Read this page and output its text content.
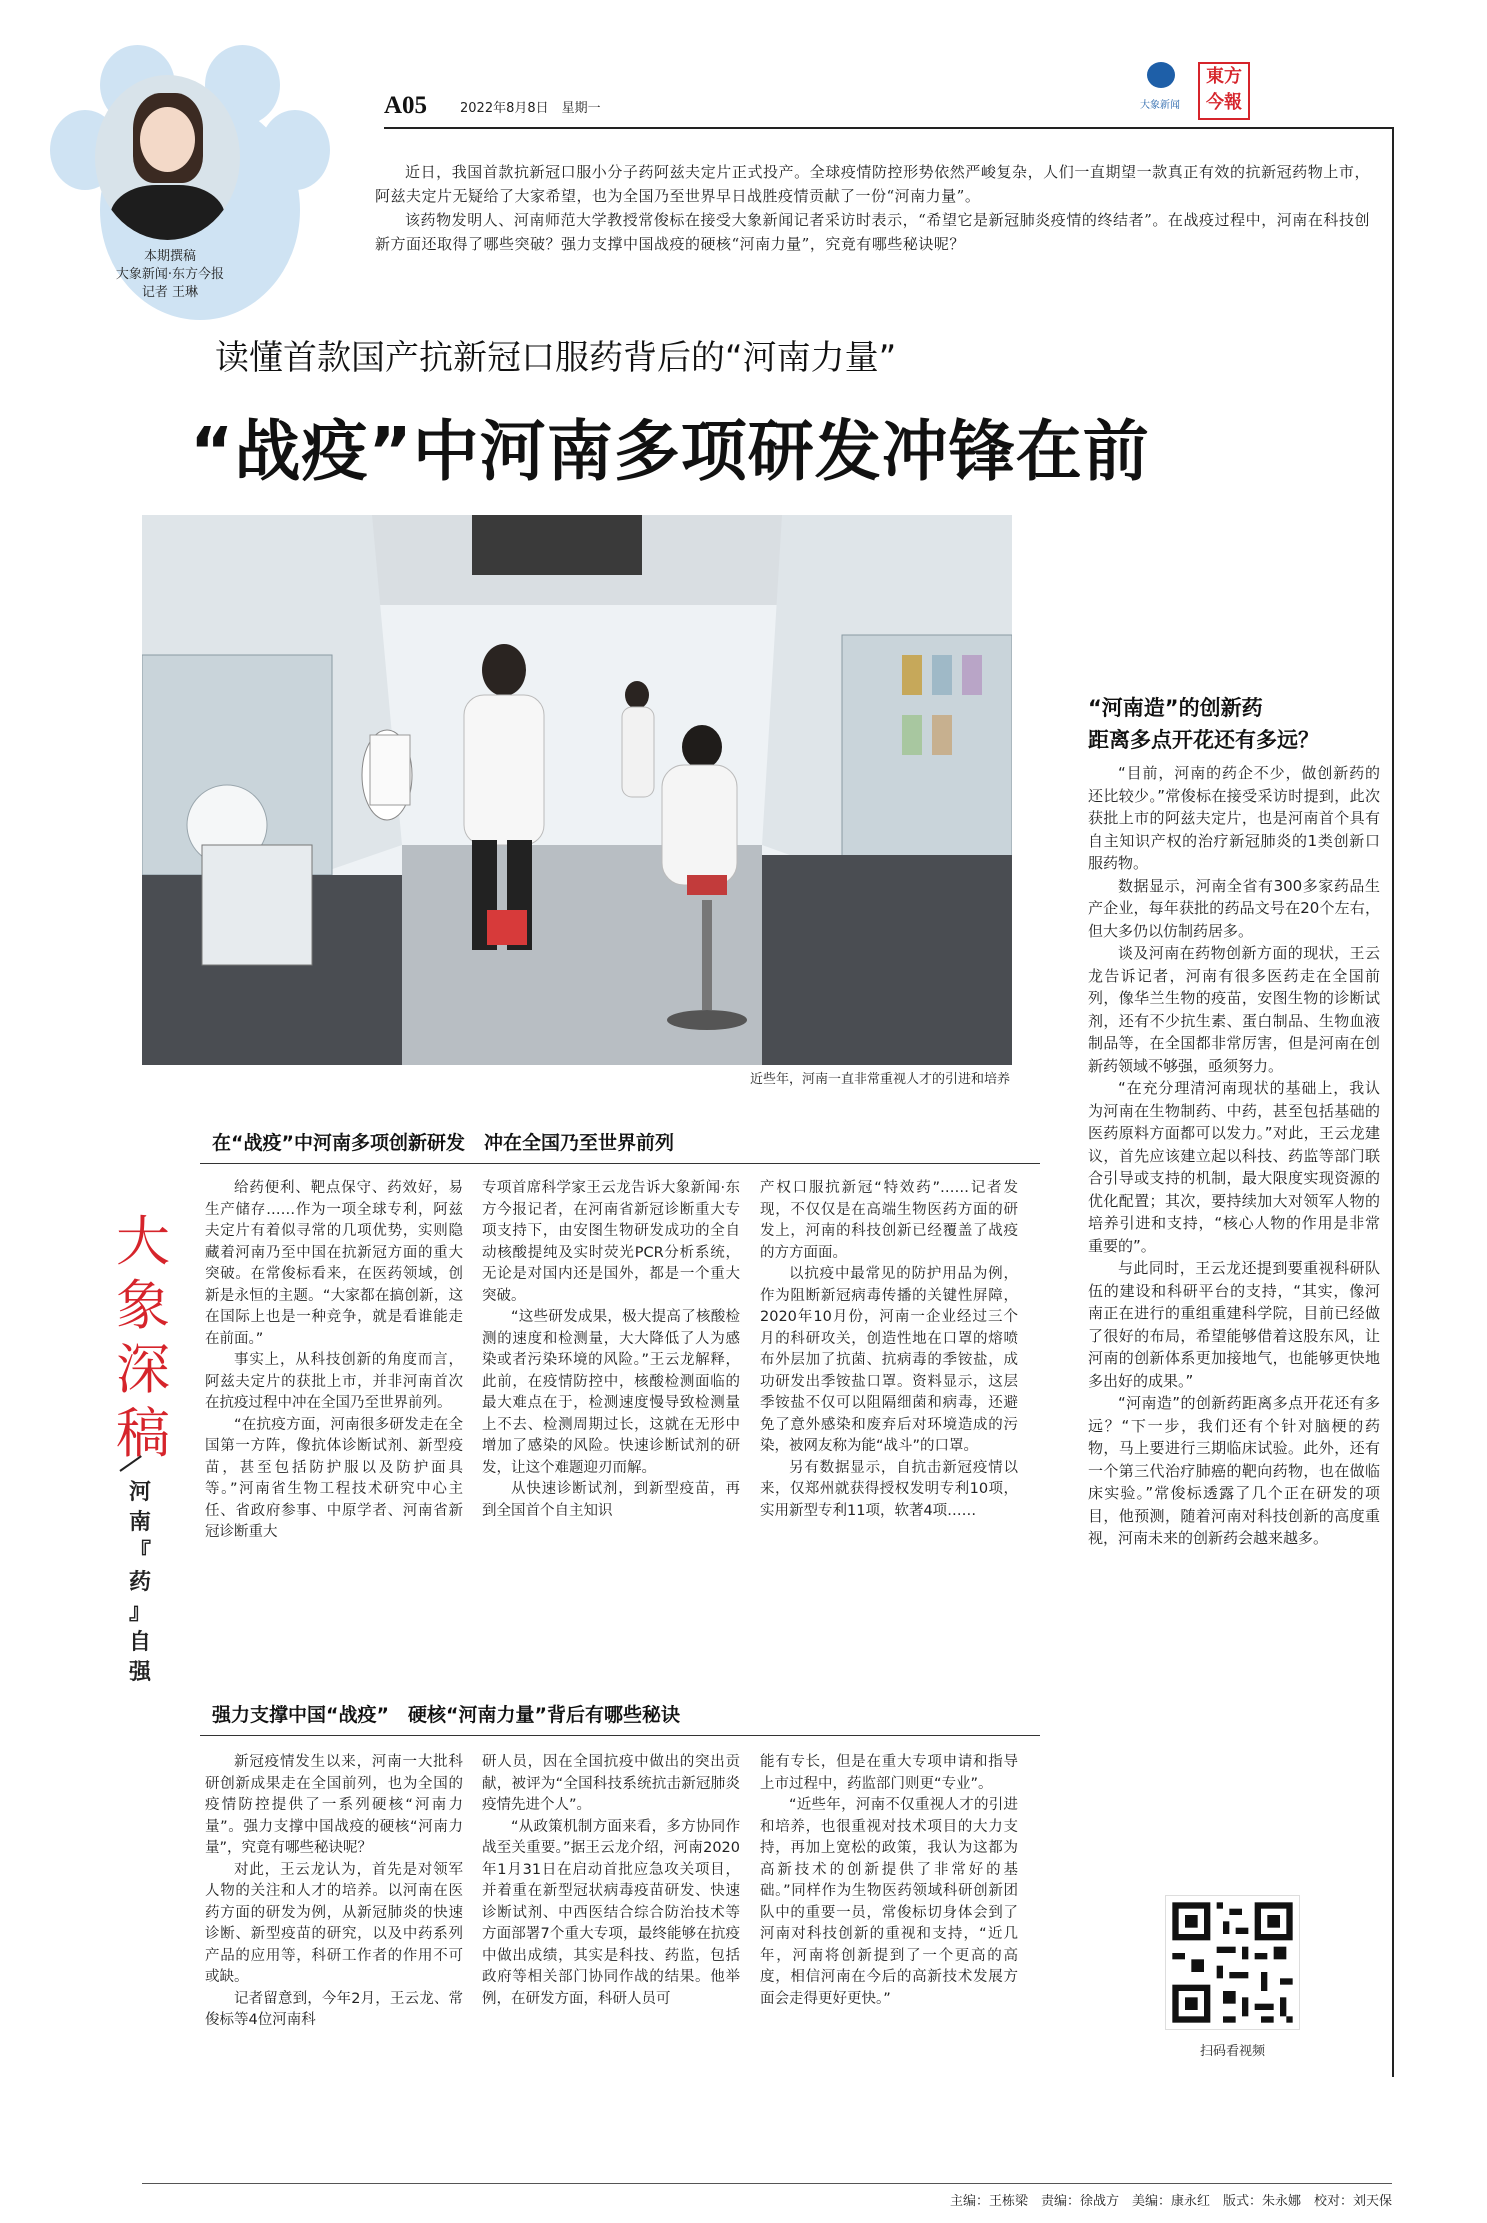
本期撰稿
大象新闻·东方今报
记者 王琳
A05	2022年8月8日　星期一	大象新闻
東方
今報

近日，我国首款抗新冠口服小分子药阿兹夫定片正式投产。全球疫情防控形势依然严峻复杂，人们一直期望一款真正有效的抗新冠药物上市，阿兹夫定片无疑给了大家希望，也为全国乃至世界早日战胜疫情贡献了一份“河南力量”。

该药物发明人、河南师范大学教授常俊标在接受大象新闻记者采访时表示，“希望它是新冠肺炎疫情的终结者”。在战疫过程中，河南在科技创新方面还取得了哪些突破？强力支撑中国战疫的硬核“河南力量”，究竟有哪些秘诀呢？

读懂首款国产抗新冠口服药背后的“河南力量”
“战疫”中河南多项研发冲锋在前
近些年，河南一直非常重视人才的引进和培养
大
象
深
稿
河
南
『
药
』
自
强
在“战疫”中河南多项创新研发　冲在全国乃至世界前列

给药便利、靶点保守、药效好，易生产储存……作为一项全球专利，阿兹夫定片有着似寻常的几项优势，实则隐藏着河南乃至中国在抗新冠方面的重大突破。在常俊标看来，在医药领域，创新是永恒的主题。“大家都在搞创新，这在国际上也是一种竞争，就是看谁能走在前面。”

事实上，从科技创新的角度而言，阿兹夫定片的获批上市，并非河南首次在抗疫过程中冲在全国乃至世界前列。

“在抗疫方面，河南很多研发走在全国第一方阵，像抗体诊断试剂、新型疫苗，甚至包括防护服以及防护面具等。”河南省生物工程技术研究中心主任、省政府参事、中原学者、河南省新冠诊断重大

专项首席科学家王云龙告诉大象新闻·东方今报记者，在河南省新冠诊断重大专项支持下，由安图生物研发成功的全自动核酸提纯及实时荧光PCR分析系统，无论是对国内还是国外，都是一个重大突破。

“这些研发成果，极大提高了核酸检测的速度和检测量，大大降低了人为感染或者污染环境的风险。”王云龙解释，此前，在疫情防控中，核酸检测面临的最大难点在于，检测速度慢导致检测量上不去、检测周期过长，这就在无形中增加了感染的风险。快速诊断试剂的研发，让这个难题迎刃而解。

从快速诊断试剂，到新型疫苗，再到全国首个自主知识

产权口服抗新冠“特效药”……记者发现，不仅仅是在高端生物医药方面的研发上，河南的科技创新已经覆盖了战疫的方方面面。

以抗疫中最常见的防护用品为例，作为阻断新冠病毒传播的关键性屏障，2020年10月份，河南一企业经过三个月的科研攻关，创造性地在口罩的熔喷布外层加了抗菌、抗病毒的季铵盐，成功研发出季铵盐口罩。资料显示，这层季铵盐不仅可以阻隔细菌和病毒，还避免了意外感染和废弃后对环境造成的污染，被网友称为能“战斗”的口罩。

另有数据显示，自抗击新冠疫情以来，仅郑州就获得授权发明专利10项，实用新型专利11项，软著4项……

强力支撑中国“战疫”　硬核“河南力量”背后有哪些秘诀

新冠疫情发生以来，河南一大批科研创新成果走在全国前列，也为全国的疫情防控提供了一系列硬核“河南力量”。强力支撑中国战疫的硬核“河南力量”，究竟有哪些秘诀呢？

对此，王云龙认为，首先是对领军人物的关注和人才的培养。以河南在医药方面的研发为例，从新冠肺炎的快速诊断、新型疫苗的研究，以及中药系列产品的应用等，科研工作者的作用不可或缺。

记者留意到，今年2月，王云龙、常俊标等4位河南科

研人员，因在全国抗疫中做出的突出贡献，被评为“全国科技系统抗击新冠肺炎疫情先进个人”。

“从政策机制方面来看，多方协同作战至关重要。”据王云龙介绍，河南2020年1月31日在启动首批应急攻关项目，并着重在新型冠状病毒疫苗研发、快速诊断试剂、中西医结合综合防治技术等方面部署7个重大专项，最终能够在抗疫中做出成绩，其实是科技、药监，包括政府等相关部门协同作战的结果。他举例，在研发方面，科研人员可

能有专长，但是在重大专项申请和指导上市过程中，药监部门则更“专业”。

“近些年，河南不仅重视人才的引进和培养，也很重视对技术项目的大力支持，再加上宽松的政策，我认为这都为高新技术的创新提供了非常好的基础。”同样作为生物医药领域科研创新团队中的重要一员，常俊标切身体会到了河南对科技创新的重视和支持，“近几年，河南将创新提到了一个更高的高度，相信河南在今后的高新技术发展方面会走得更好更快。”

“河南造”的创新药
距离多点开花还有多远？

“目前，河南的药企不少，做创新药的还比较少。”常俊标在接受采访时提到，此次获批上市的阿兹夫定片，也是河南首个具有自主知识产权的治疗新冠肺炎的1类创新口服药物。

数据显示，河南全省有300多家药品生产企业，每年获批的药品文号在20个左右，但大多仍以仿制药居多。

谈及河南在药物创新方面的现状，王云龙告诉记者，河南有很多医药走在全国前列，像华兰生物的疫苗，安图生物的诊断试剂，还有不少抗生素、蛋白制品、生物血液制品等，在全国都非常厉害，但是河南在创新药领域不够强，亟须努力。

“在充分理清河南现状的基础上，我认为河南在生物制药、中药，甚至包括基础的医药原料方面都可以发力。”对此，王云龙建议，首先应该建立起以科技、药监等部门联合引导或支持的机制，最大限度实现资源的优化配置；其次，要持续加大对领军人物的培养引进和支持，“核心人物的作用是非常重要的”。

与此同时，王云龙还提到要重视科研队伍的建设和科研平台的支持，“其实，像河南正在进行的重组重建科学院，目前已经做了很好的布局，希望能够借着这股东风，让河南的创新体系更加接地气，也能够更快地多出好的成果。”

“河南造”的创新药距离多点开花还有多远？“下一步，我们还有个针对脑梗的药物，马上要进行三期临床试验。此外，还有一个第三代治疗肺癌的靶向药物，也在做临床实验。”常俊标透露了几个正在研发的项目，他预测，随着河南对科技创新的高度重视，河南未来的创新药会越来越多。

扫码看视频
主编：王栋梁　责编：徐战方　美编：康永红　版式：朱永娜　校对：刘天保
